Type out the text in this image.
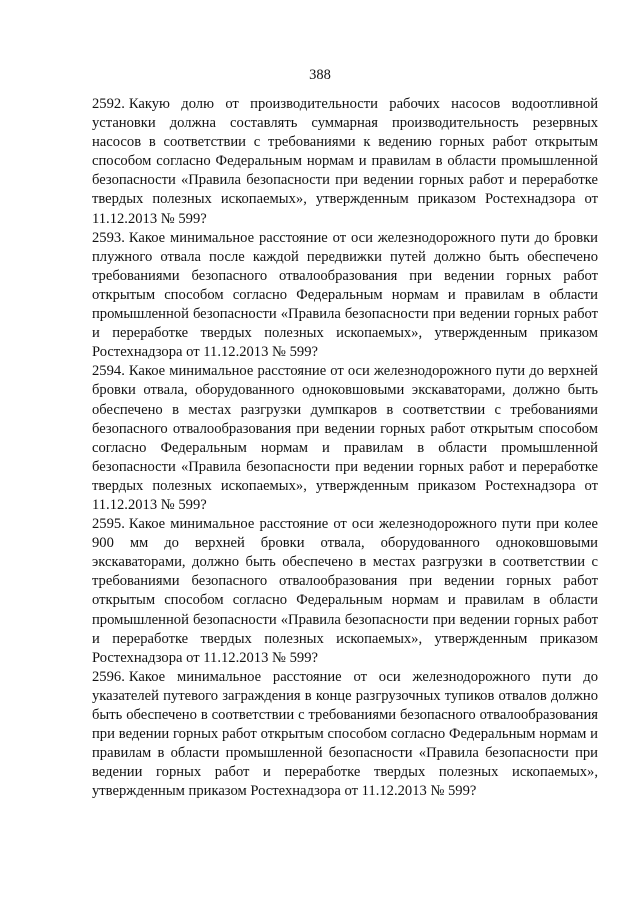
388

2592. Какую долю от производительности рабочих насосов водоотливной установки должна составлять суммарная производительность резервных насосов в соответствии с требованиями к ведению горных работ открытым способом согласно Федеральным нормам и правилам в области промышленной безопасности «Правила безопасности при ведении горных работ и переработке твердых полезных ископаемых», утвержденным приказом Ростехнадзора от 11.12.2013 № 599?

2593. Какое минимальное расстояние от оси железнодорожного пути до бровки плужного отвала после каждой передвижки путей должно быть обеспечено требованиями безопасного отвалообразования при ведении горных работ открытым способом согласно Федеральным нормам и правилам в области промышленной безопасности «Правила безопасности при ведении горных работ и переработке твердых полезных ископаемых», утвержденным приказом Ростехнадзора от 11.12.2013 № 599?

2594. Какое минимальное расстояние от оси железнодорожного пути до верхней бровки отвала, оборудованного одноковшовыми экскаваторами, должно быть обеспечено в местах разгрузки думпкаров в соответствии с требованиями безопасного отвалообразования при ведении горных работ открытым способом согласно Федеральным нормам и правилам в области промышленной безопасности «Правила безопасности при ведении горных работ и переработке твердых полезных ископаемых», утвержденным приказом Ростехнадзора от 11.12.2013 № 599?

2595. Какое минимальное расстояние от оси железнодорожного пути при колее 900 мм до верхней бровки отвала, оборудованного одноковшовыми экскаваторами, должно быть обеспечено в местах разгрузки в соответствии с требованиями безопасного отвалообразования при ведении горных работ открытым способом согласно Федеральным нормам и правилам в области промышленной безопасности «Правила безопасности при ведении горных работ и переработке твердых полезных ископаемых», утвержденным приказом Ростехнадзора от 11.12.2013 № 599?

2596. Какое минимальное расстояние от оси железнодорожного пути до указателей путевого заграждения в конце разгрузочных тупиков отвалов должно быть обеспечено в соответствии с требованиями безопасного отвалообразования при ведении горных работ открытым способом согласно Федеральным нормам и правилам в области промышленной безопасности «Правила безопасности при ведении горных работ и переработке твердых полезных ископаемых», утвержденным приказом Ростехнадзора от 11.12.2013 № 599?
